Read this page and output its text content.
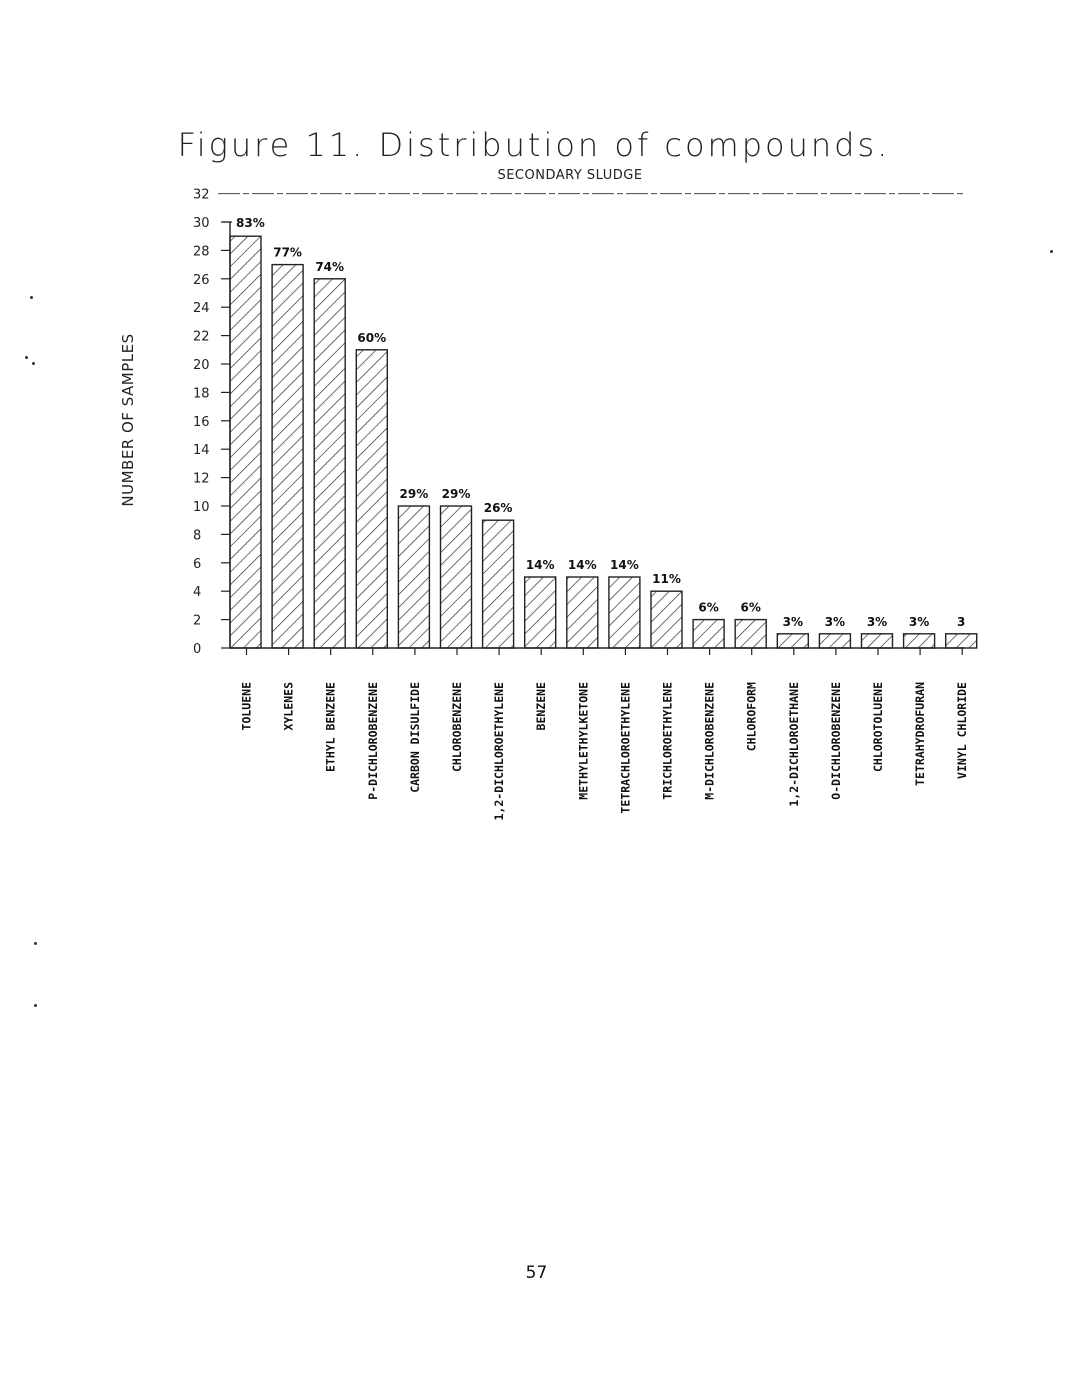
Figure 11. Distribution of compounds.
SECONDARY SLUDGE
NUMBER OF SAMPLES
0
2
4
6
8
10
12
14
16
18
20
22
24
26
28
30
32
83%
TOLUENE
77%
XYLENES
74%
ETHYL BENZENE
60%
P-DICHLOROBENZENE
29%
CARBON DISULFIDE
29%
CHLOROBENZENE
26%
1,2-DICHLOROETHYLENE
14%
BENZENE
14%
METHYLETHYLKETONE
14%
TETRACHLOROETHYLENE
11%
TRICHLOROETHYLENE
6%
M-DICHLOROBENZENE
6%
CHLOROFORM
3%
1,2-DICHLOROETHANE
3%
O-DICHLOROBENZENE
3%
CHLOROTOLUENE
3%
TETRAHYDROFURAN
3
VINYL CHLORIDE
57
